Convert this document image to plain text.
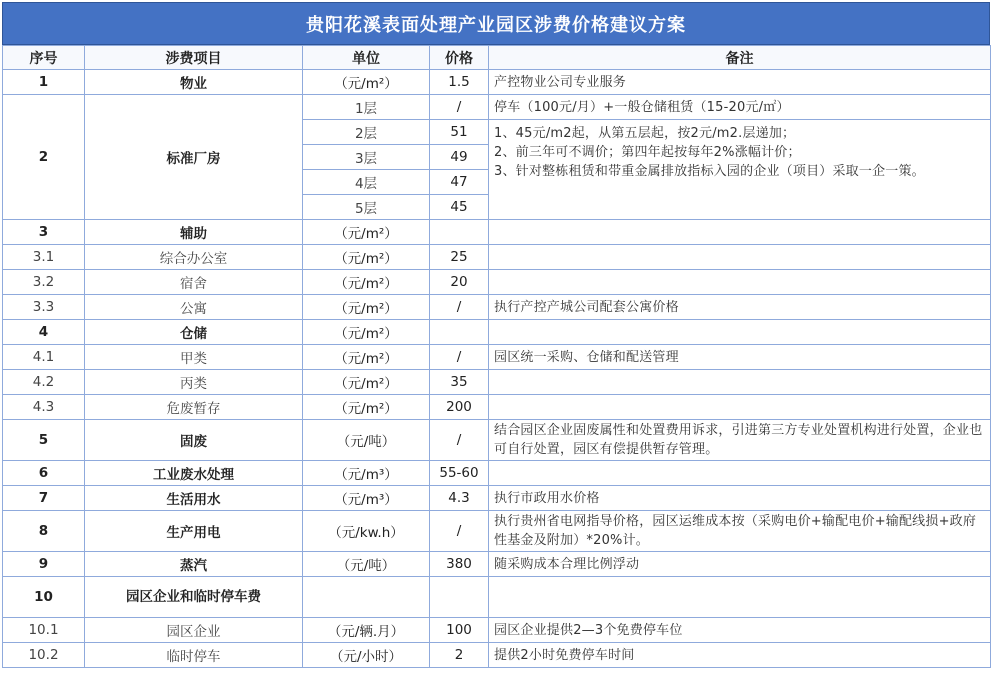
贵阳花溪表面处理产业园区涉费价格建议方案
序号	涉费项目	单位	价格	备注
1	物业	（元/m²）	1.5	产控物业公司专业服务
2	标准厂房	1层	/	停车（100元/月）+一般仓储租赁（15-20元/㎡）
		2层	51	1、45元/m2起，从第五层起，按2元/m2.层递加；
2、前三年可不调价；第四年起按每年2%涨幅计价；
3、针对整栋租赁和带重金属排放指标入园的企业（项目）采取一企一策。

		3层	49	
		4层	47	
		5层	45	
3	辅助	（元/m²）		
3.1	综合办公室	（元/m²）	25	
3.2	宿舍	（元/m²）	20	
3.3	公寓	（元/m²）	/	执行产控产城公司配套公寓价格
4	仓储	（元/m²）		
4.1	甲类	（元/m²）	/	园区统一采购、仓储和配送管理
4.2	丙类	（元/m²）	35	
4.3	危废暂存	（元/m²）	200	
5	固废	（元/吨）	/	结合园区企业固废属性和处置费用诉求，引进第三方专业处置机构进行处置，企业也可自行处置，园区有偿提供暂存管理。
6	工业废水处理	（元/m³）	55-60	
7	生活用水	（元/m³）	4.3	执行市政用水价格
8	生产用电	（元/kw.h）	/	执行贵州省电网指导价格，园区运维成本按（采购电价+输配电价+输配线损+政府性基金及附加）*20%计。
9	蒸汽	（元/吨）	380	随采购成本合理比例浮动
10	园区企业和临时停车费			
10.1	园区企业	（元/辆.月）	100	园区企业提供2—3个免费停车位
10.2	临时停车	（元/小时）	2	提供2小时免费停车时间
